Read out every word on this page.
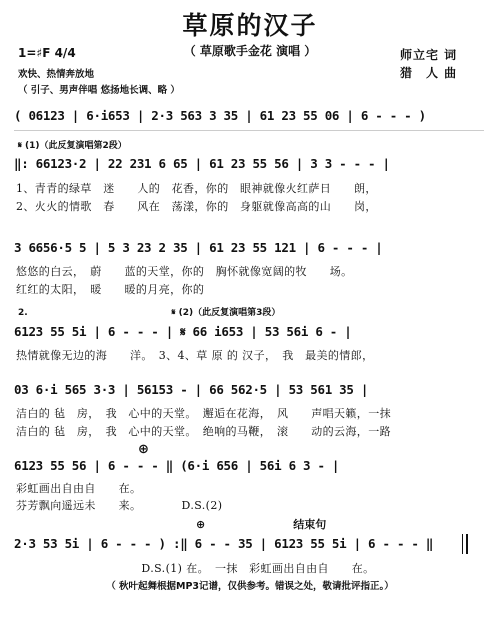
草原的汉子
（ 草原歌手金花 演唱 ）	师立宅 词
猎　人 曲
1=♯F 4/4
欢快、热情奔放地
（ 引子、男声伴唱 悠扬地长调、略 ）
( 06123 | 6·i653 | 2·3 563 3 35 | 61 23 55 06 | 6 - - - )
𝄋 (1)（此反复演唱第2段）
‖: 66123·2 | 22 231 6 65 | 61 23 55 56 | 3 3 - - - |
1、青青的绿草　迷　　人的　花香，你的　眼神就像火红萨日　　朗，
2、火火的情歌　春　　风在　荡漾，你的　身躯就像高高的山　　岗，
3 6656·5 5 | 5 3 23 2 35 | 61 23 55 121 | 6 - - - |
悠悠的白云，　蔚　　蓝的天堂，你的　胸怀就像宽阔的牧　　场。
红红的太阳，　暖　　暖的月亮，你的
2.　　　　　　　　　　　　　　　　𝄋 (2)（此反复演唱第3段）
6123 55 5i | 6 - - - | 𝄋 66 i653 | 53 56i 6 - |
热情就像无边的海　　洋。　3、4、草 原 的 汉子，　我　最美的情郎，
03 6·i 565 3·3 | 56153 - | 66 562·5 | 53 561 35 |
洁白的 毡　房，　我　心中的天堂。　邂逅在花海，　风　　声唱天籁，一抹
洁白的 毡　房，　我　心中的天堂。　绝响的马鞭，　滚　　动的云海，一路
⊕
6123 55 56 | 6 - - - ‖ (6·i 656 | 56i 6 3 - |
彩虹画出自由自　　在。
芬芳飘向遥远未　　来。　　　　D.S.(2)
⊕　　　　　　　　结束句
2·3 53 5i | 6 - - - ) :‖ 6 - - 35 | 6123 55 5i | 6 - - - ‖
　　　　　　　　　　　D.S.(1) 在。　一抹　彩虹画出自由自　　在。
（ 秋叶起舞根据MP3记谱，仅供参考。错误之处，敬请批评指正。）
